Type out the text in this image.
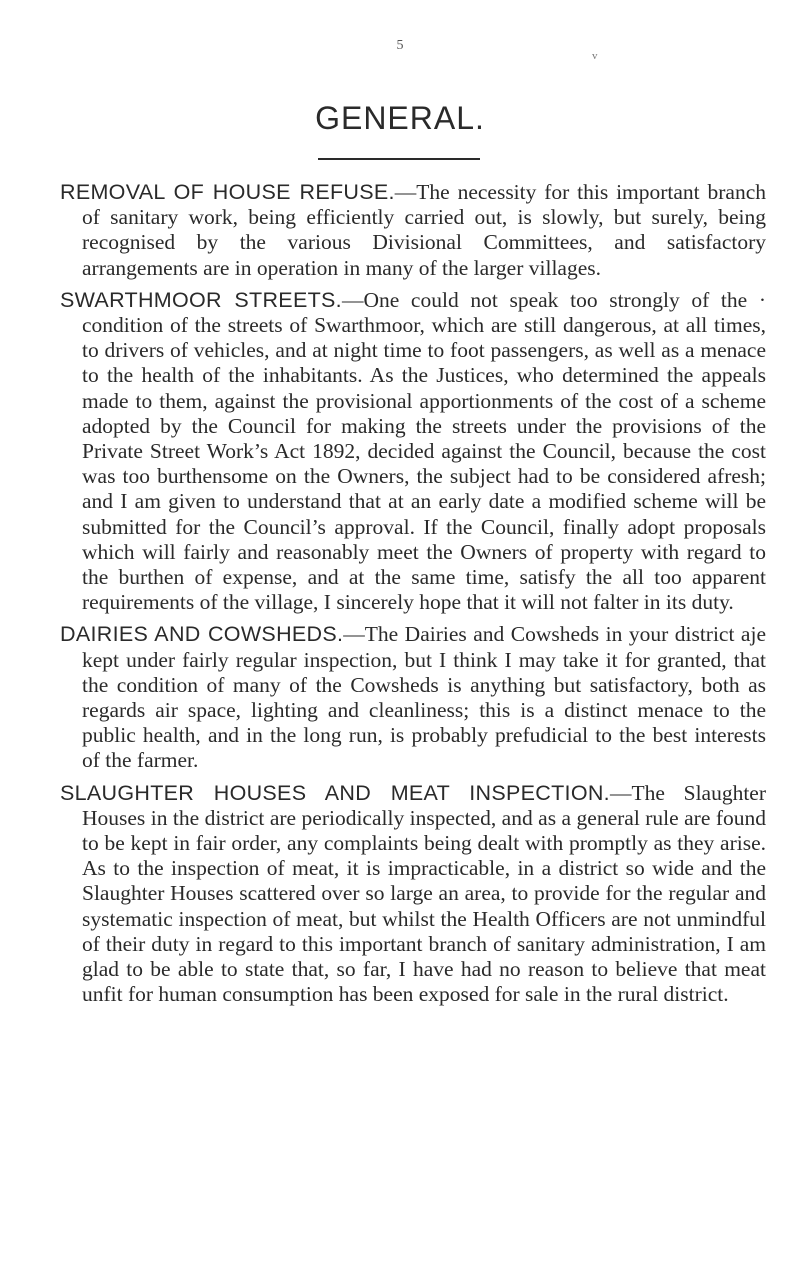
5
v
GENERAL.

REMOVAL OF HOUSE REFUSE.—The necessity for this important branch of sanitary work, being efficiently carried out, is slowly, but surely, being recognised by the various Divisional Committees, and satisfactory arrangements are in operation in many of the larger villages.

SWARTHMOOR STREETS.—One could not speak too strongly of the · condition of the streets of Swarthmoor, which are still dangerous, at all times, to drivers of vehicles, and at night time to foot passengers, as well as a menace to the health of the inhabitants. As the Justices, who determined the appeals made to them, against the provisional apportionments of the cost of a scheme adopted by the Council for making the streets under the provisions of the Private Street Work’s Act 1892, decided against the Council, because the cost was too burthensome on the Owners, the subject had to be considered afresh; and I am given to understand that at an early date a modified scheme will be submitted for the Council’s approval. If the Council, finally adopt proposals which will fairly and reasonably meet the Owners of property with regard to the burthen of expense, and at the same time, satisfy the all too apparent requirements of the village, I sincerely hope that it will not falter in its duty.

DAIRIES AND COWSHEDS.—The Dairies and Cowsheds in your district aje kept under fairly regular inspection, but I think I may take it for granted, that the condition of many of the Cowsheds is anything but satisfactory, both as regards air space, lighting and cleanliness; this is a distinct menace to the public health, and in the long run, is probably prefudicial to the best interests of the farmer.

SLAUGHTER HOUSES AND MEAT INSPECTION.—The Slaughter Houses in the district are periodically inspected, and as a general rule are found to be kept in fair order, any complaints being dealt with promptly as they arise. As to the inspection of meat, it is impracticable, in a district so wide and the Slaughter Houses scattered over so large an area, to provide for the regular and systematic inspection of meat, but whilst the Health Officers are not unmindful of their duty in regard to this important branch of sanitary administration, I am glad to be able to state that, so far, I have had no reason to believe that meat unfit for human consumption has been exposed for sale in the rural district.
